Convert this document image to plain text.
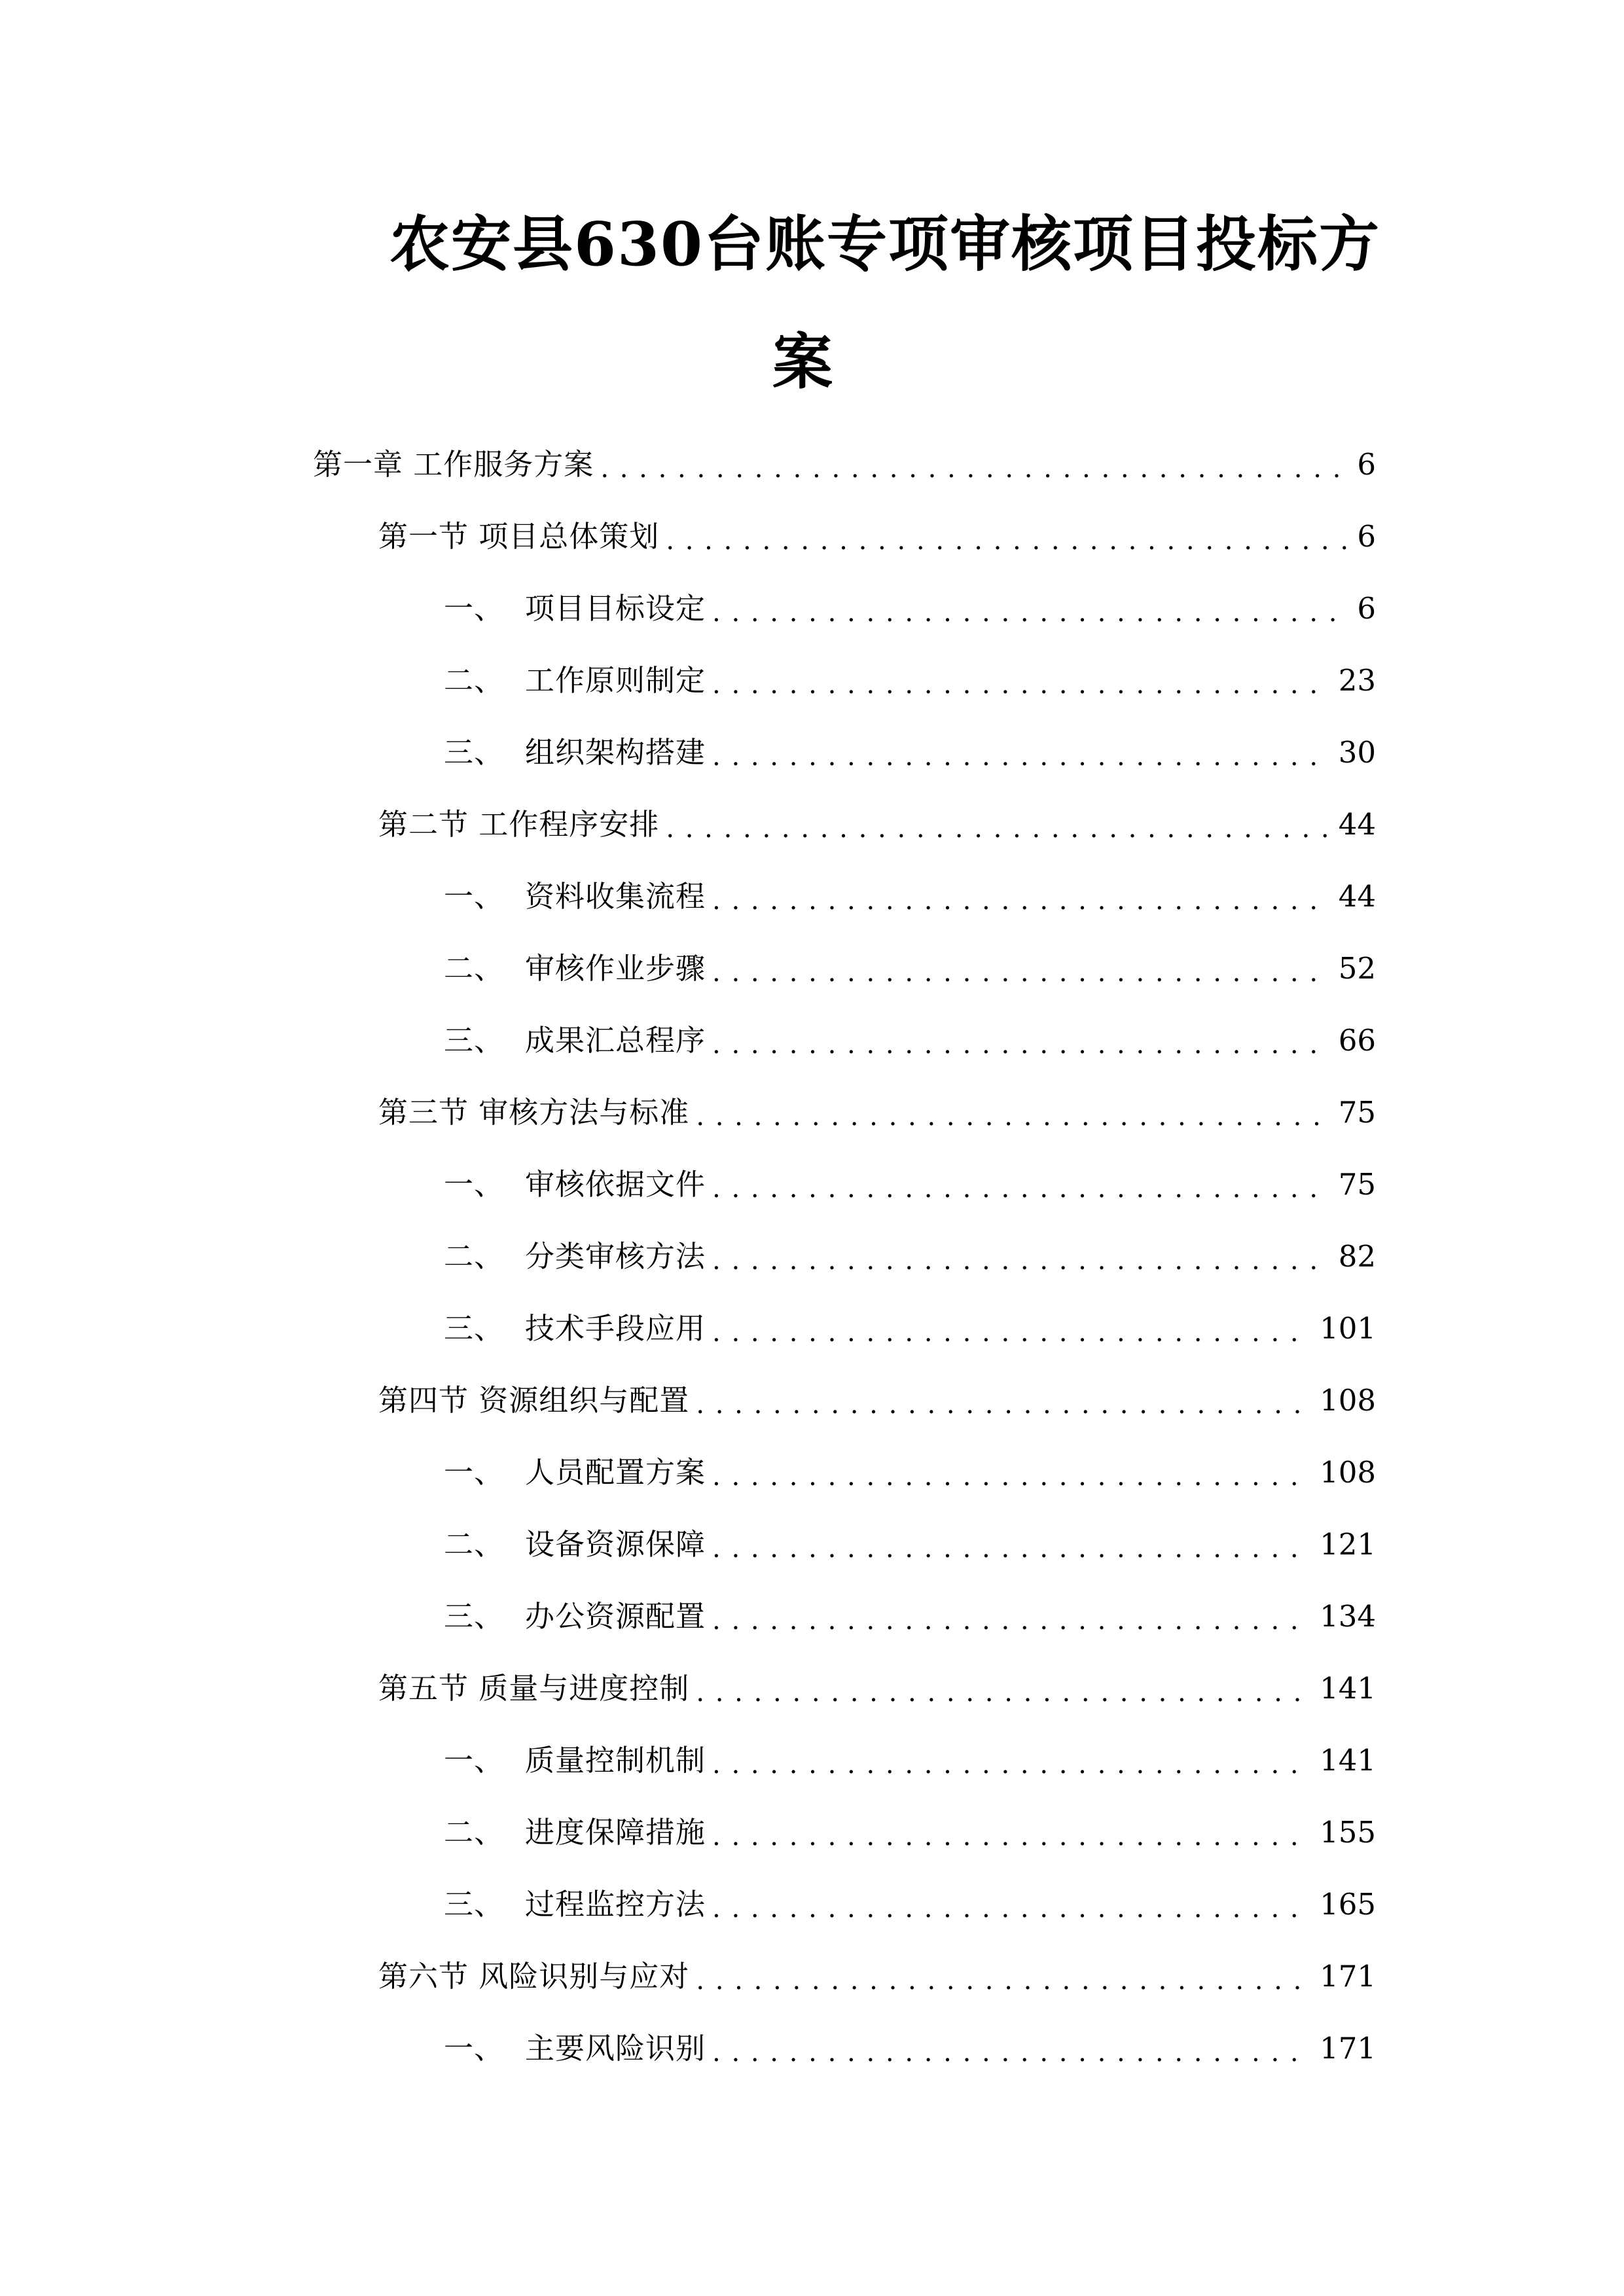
农安县630台账专项审核项目投标方
案
第一章 工作服务方案 . . .	6
第一节 项目总体策划 . . .	6
一、 项目目标设定 . . .	6
二、 工作原则制定 . . .	23
三、 组织架构搭建 . . .	30
第二节 工作程序安排 . . .	44
一、 资料收集流程 . . .	44
二、 审核作业步骤 . . .	52
三、 成果汇总程序 . . .	66
第三节 审核方法与标准 . . .	75
一、 审核依据文件 . . .	75
二、 分类审核方法 . . .	82
三、 技术手段应用 . . .	101
第四节 资源组织与配置 . . .	108
一、 人员配置方案 . . .	108
二、 设备资源保障 . . .	121
三、 办公资源配置 . . .	134
第五节 质量与进度控制 . . .	141
一、 质量控制机制 . . .	141
二、 进度保障措施 . . .	155
三、 过程监控方法 . . .	165
第六节 风险识别与应对 . . .	171
一、 主要风险识别 . . .	171
